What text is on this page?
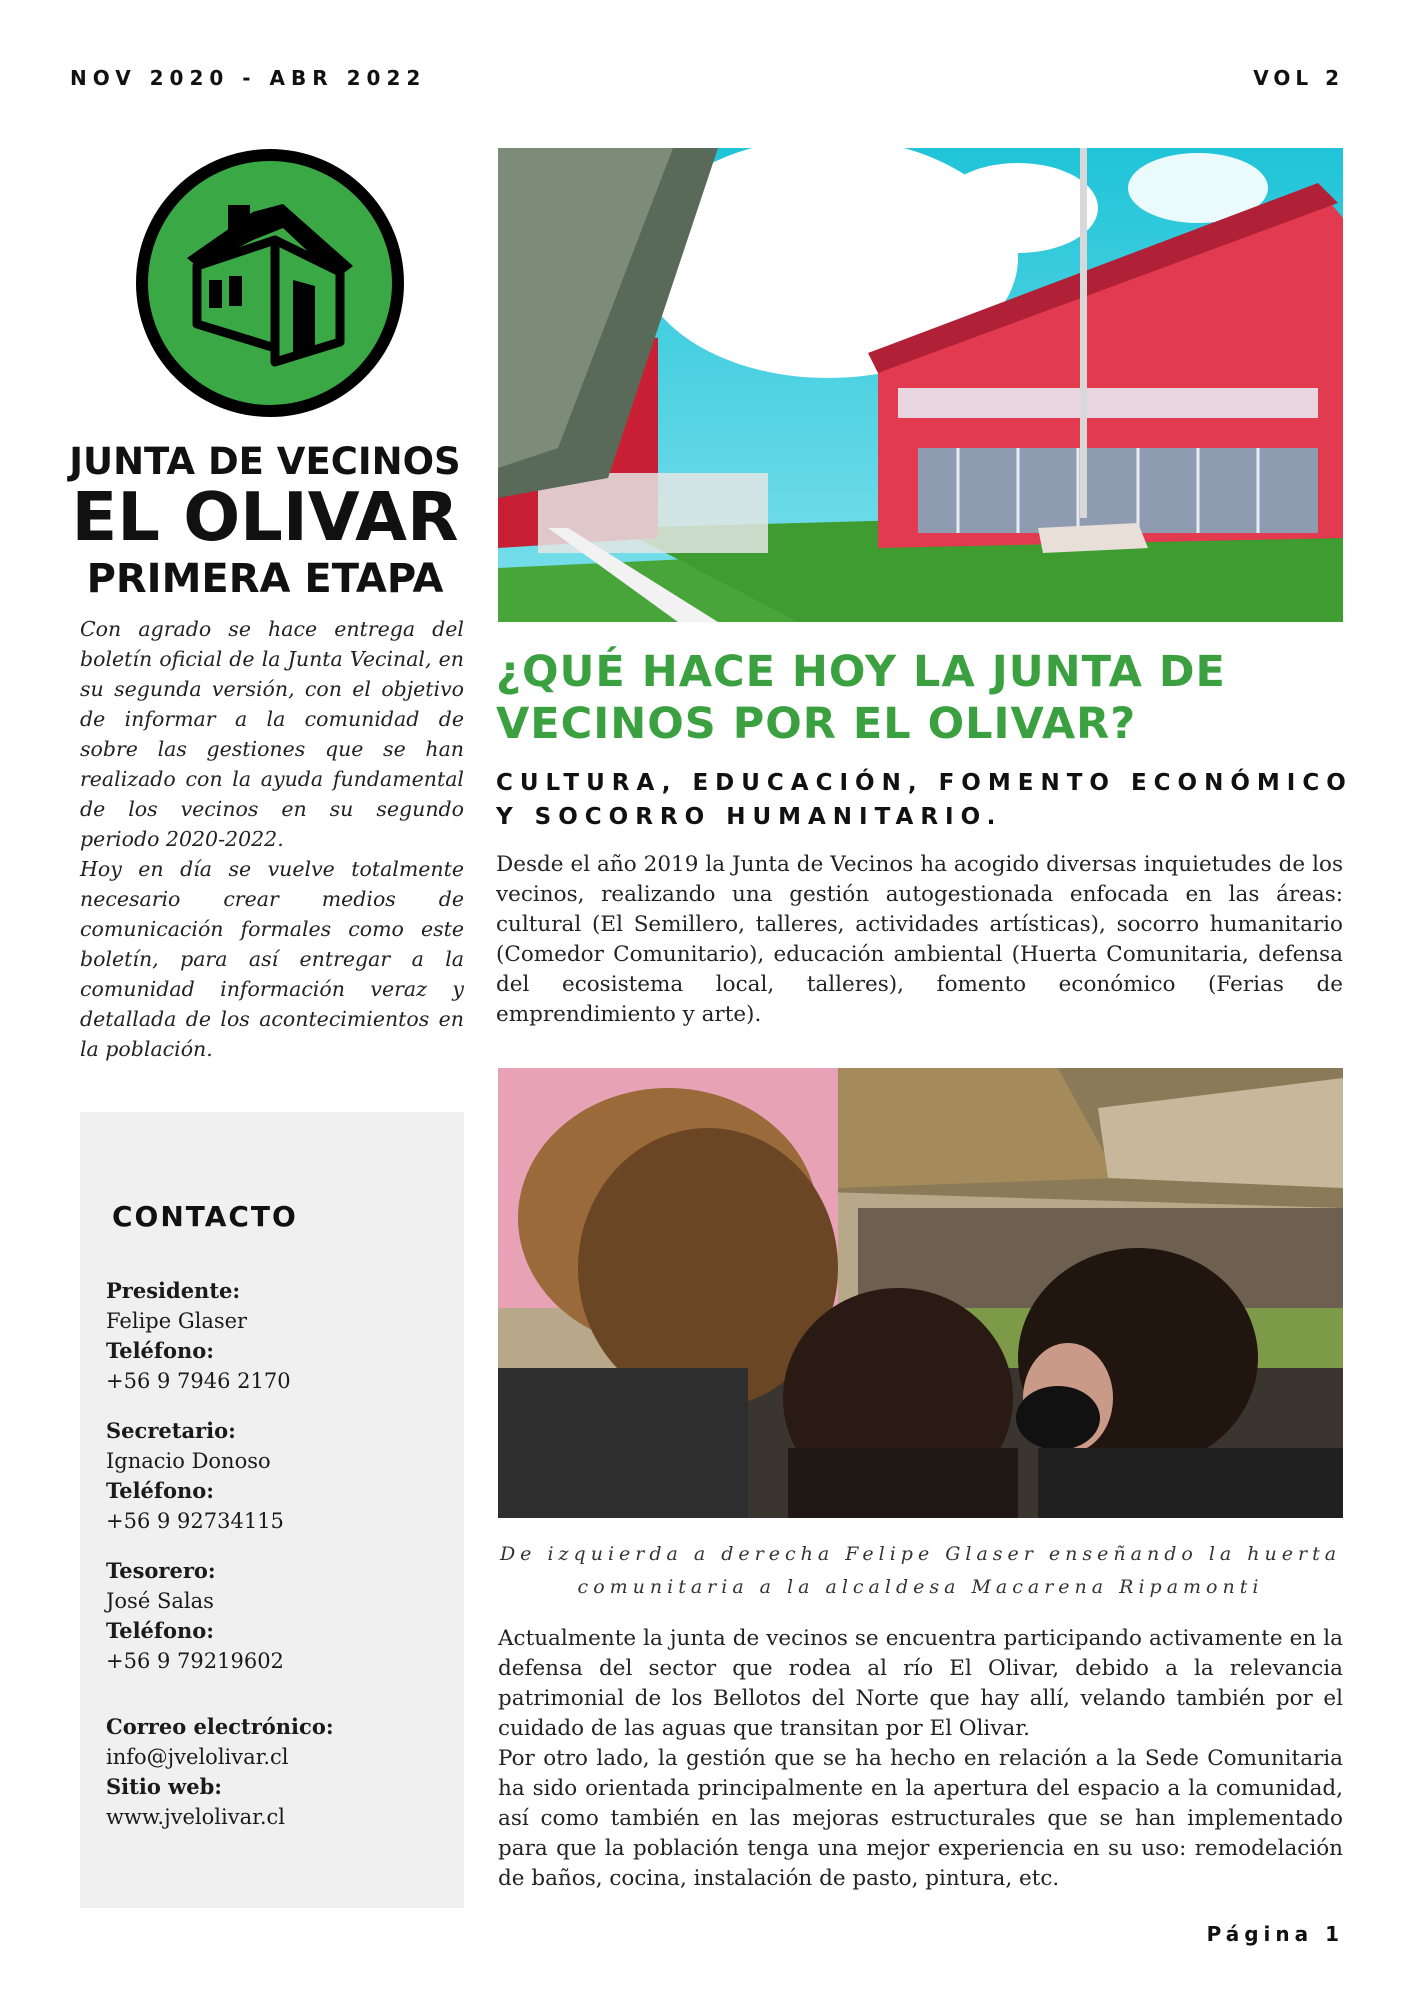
NOV 2020 - ABR 2022	VOL 2
JUNTA DE VECINOS
EL OLIVAR
PRIMERA ETAPA

Con agrado se hace entrega del boletín oficial de la Junta Vecinal, en su segunda versión, con el objetivo de informar a la comunidad de sobre las gestiones que se han realizado con la ayuda fundamental de los vecinos en su segundo periodo 2020-2022.

Hoy en día se vuelve totalmente necesario crear medios de comunicación formales como este boletín, para así entregar a la comunidad información veraz y detallada de los acontecimientos en la población.

CONTACTO
Presidente:
Felipe Glaser
Teléfono:
+56 9 7946 2170
Secretario:
Ignacio Donoso
Teléfono:
+56 9 92734115
Tesorero:
José Salas
Teléfono:
+56 9 79219602
Correo electrónico:
info@jvelolivar.cl
Sitio web:
www.jvelolivar.cl
¿QUÉ HACE HOY LA JUNTA DE VECINOS POR EL OLIVAR?
CULTURA, EDUCACIÓN, FOMENTO ECONÓMICO Y SOCORRO HUMANITARIO.
Desde el año 2019 la Junta de Vecinos ha acogido diversas inquietudes de los vecinos, realizando una gestión autogestionada enfocada en las áreas: cultural (El Semillero, talleres, actividades artísticas), socorro humanitario (Comedor Comunitario), educación ambiental (Huerta Comunitaria, defensa del ecosistema local, talleres), fomento económico (Ferias de emprendimiento y arte).
De izquierda a derecha Felipe Glaser enseñando la huerta comunitaria a la alcaldesa Macarena Ripamonti

Actualmente la junta de vecinos se encuentra participando activamente en la defensa del sector que rodea al río El Olivar, debido a la relevancia patrimonial de los Bellotos del Norte que hay allí, velando también por el cuidado de las aguas que transitan por El Olivar.

Por otro lado, la gestión que se ha hecho en relación a la Sede Comunitaria ha sido orientada principalmente en la apertura del espacio a la comunidad, así como también en las mejoras estructurales que se han implementado para que la población tenga una mejor experiencia en su uso: remodelación de baños, cocina, instalación de pasto, pintura, etc.

Página 1
